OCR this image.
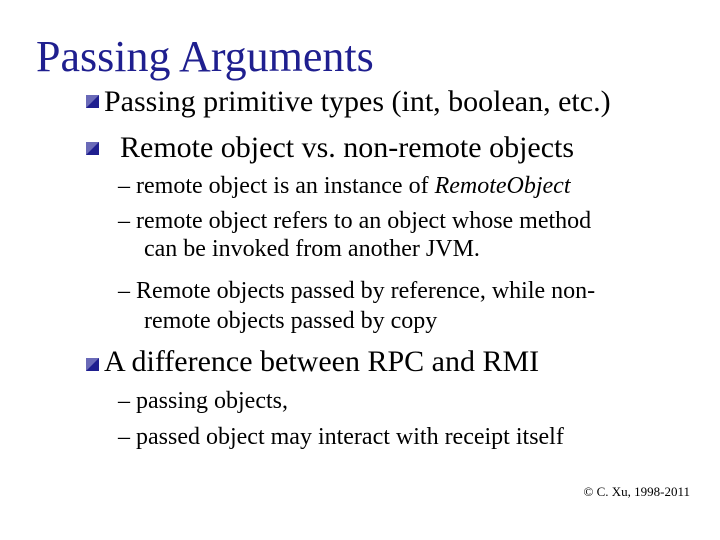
Passing Arguments
Passing primitive types (int, boolean, etc.)
Remote object vs. non-remote objects
– remote object is an instance of RemoteObject
– remote object refers to an object whose method
can be invoked from another JVM.
– Remote objects passed by reference, while non-
remote objects passed by copy
A difference between RPC and RMI
– passing objects,
– passed object may interact with receipt itself
© C. Xu, 1998-2011
